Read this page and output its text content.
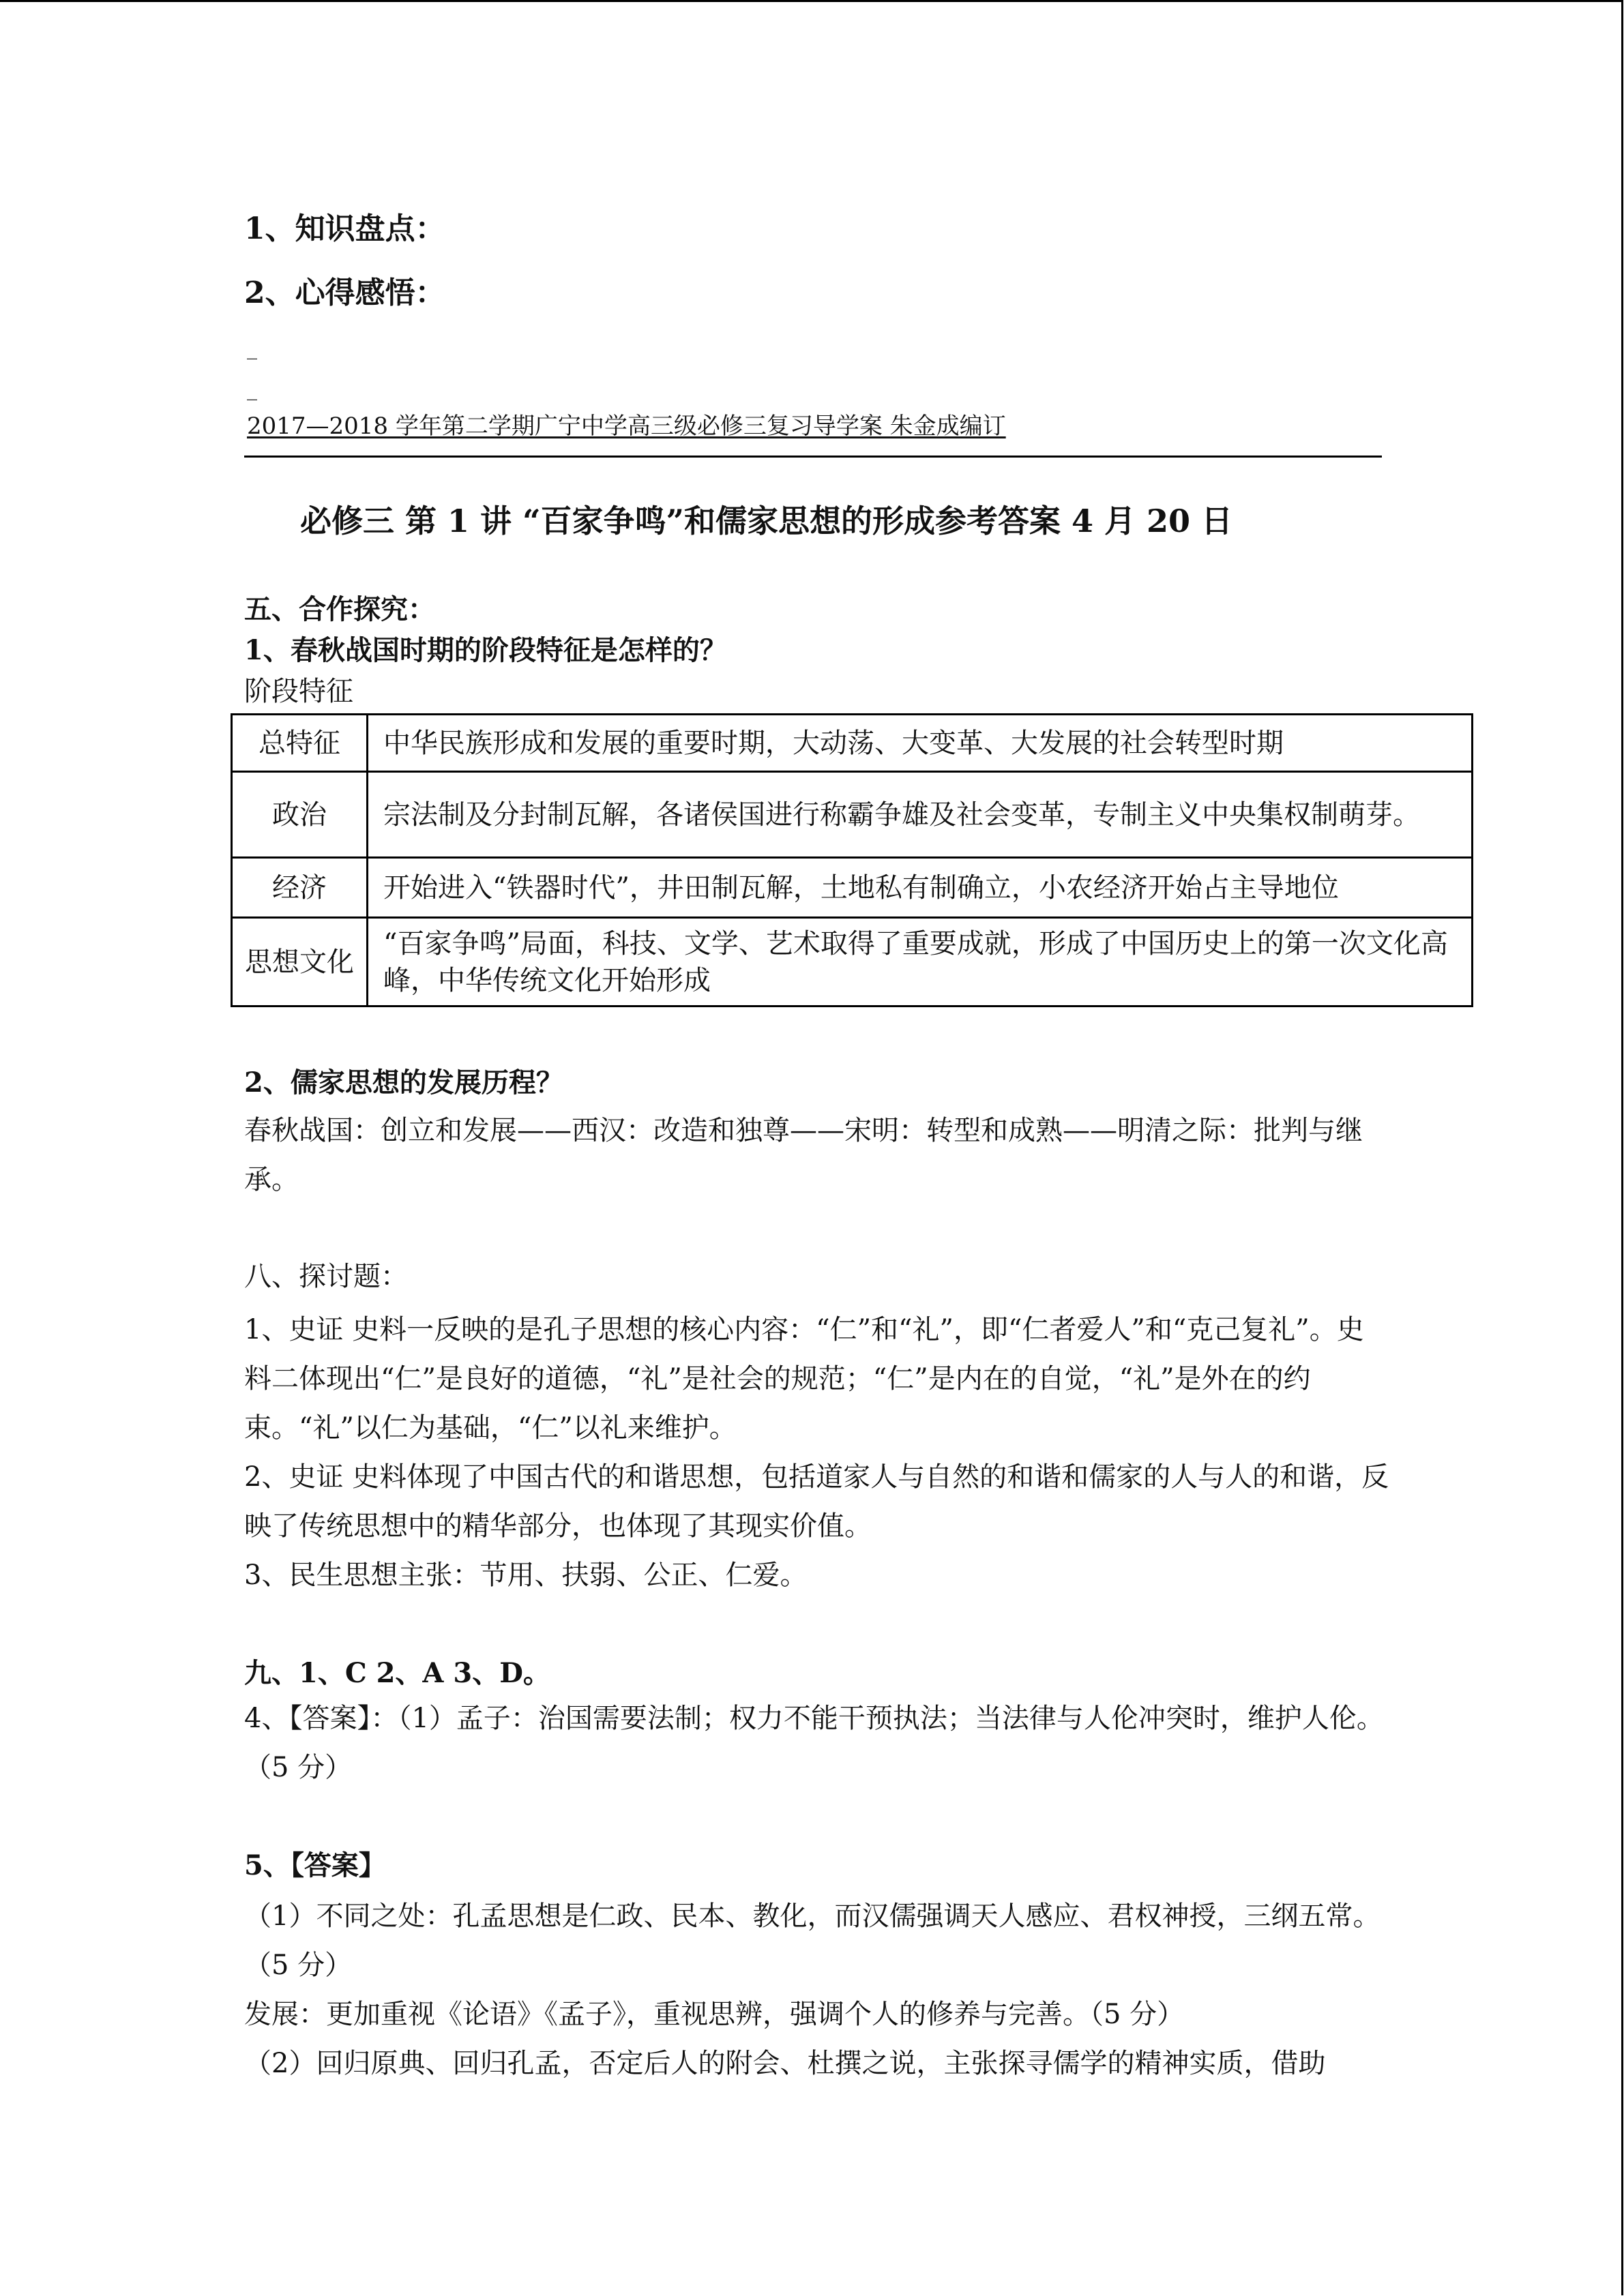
1、知识盘点：
2、心得感悟：
_
_
2017—2018 学年第二学期广宁中学高三级必修三复习导学案 朱金成编订
必修三 第 1 讲 “百家争鸣”和儒家思想的形成参考答案 4 月 20 日
五、合作探究：
1、春秋战国时期的阶段特征是怎样的？
阶段特征
总特征	中华民族形成和发展的重要时期，大动荡、大变革、大发展的社会转型时期
政治	宗法制及分封制瓦解，各诸侯国进行称霸争雄及社会变革，专制主义中央集权制萌芽。
经济	开始进入“铁器时代”，井田制瓦解，土地私有制确立，小农经济开始占主导地位
思想文化	“百家争鸣”局面，科技、文学、艺术取得了重要成就，形成了中国历史上的第一次文化高峰，中华传统文化开始形成
2、儒家思想的发展历程？
春秋战国：创立和发展——西汉：改造和独尊——宋明：转型和成熟——明清之际：批判与继承。
八、探讨题：
1、史证 史料一反映的是孔子思想的核心内容：“仁”和“礼”，即“仁者爱人”和“克己复礼”。史料二体现出“仁”是良好的道德，“礼”是社会的规范；“仁”是内在的自觉，“礼”是外在的约束。“礼”以仁为基础，“仁”以礼来维护。
2、史证 史料体现了中国古代的和谐思想，包括道家人与自然的和谐和儒家的人与人的和谐，反映了传统思想中的精华部分，也体现了其现实价值。
3、民生思想主张：节用、扶弱、公正、仁爱。
九、1、C 2、A 3、D。
4、【答案】：（1）孟子：治国需要法制；权力不能干预执法；当法律与人伦冲突时，维护人伦。（5 分）
5、【答案】
（1）不同之处：孔孟思想是仁政、民本、教化，而汉儒强调天人感应、君权神授，三纲五常。（5 分）
发展：更加重视《论语》《孟子》，重视思辨，强调个人的修养与完善。（5 分）
（2）回归原典、回归孔孟，否定后人的附会、杜撰之说，主张探寻儒学的精神实质，借助
